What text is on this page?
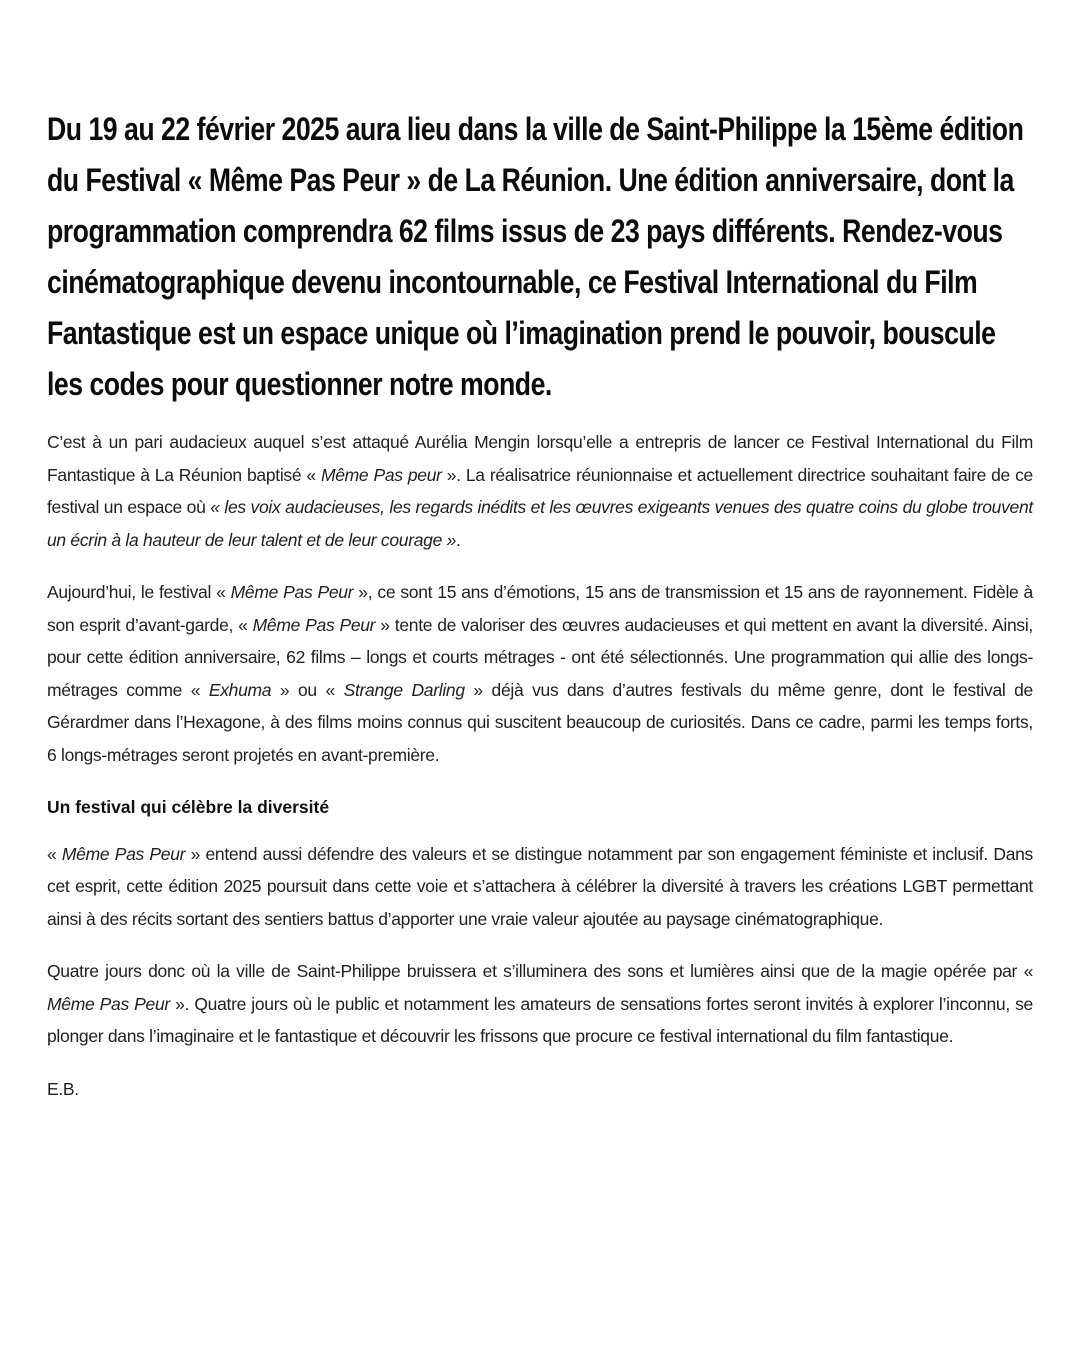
Du 19 au 22 février 2025 aura lieu dans la ville de Saint-Philippe la 15ème édition du Festival « Même Pas Peur » de La Réunion. Une édition anniversaire, dont la programmation comprendra 62 films issus de 23 pays différents. Rendez-vous cinématographique devenu incontournable, ce Festival International du Film Fantastique est un espace unique où l’imagination prend le pouvoir, bouscule les codes pour questionner notre monde.

C’est à un pari audacieux auquel s’est attaqué Aurélia Mengin lorsqu’elle a entrepris de lancer ce Festival International du Film Fantastique à La Réunion baptisé « Même Pas peur ». La réalisatrice réunionnaise et actuellement directrice souhaitant faire de ce festival un espace où « les voix audacieuses, les regards inédits et les œuvres exigeants venues des quatre coins du globe trouvent un écrin à la hauteur de leur talent et de leur courage ».

Aujourd’hui, le festival « Même Pas Peur », ce sont 15 ans d’émotions, 15 ans de transmission et 15 ans de rayonnement. Fidèle à son esprit d’avant-garde, « Même Pas Peur » tente de valoriser des œuvres audacieuses et qui mettent en avant la diversité. Ainsi, pour cette édition anniversaire, 62 films – longs et courts métrages - ont été sélectionnés. Une programmation qui allie des longs-métrages comme « Exhuma » ou « Strange Darling » déjà vus dans d’autres festivals du même genre, dont le festival de Gérardmer dans l’Hexagone, à des films moins connus qui suscitent beaucoup de curiosités. Dans ce cadre, parmi les temps forts, 6 longs-métrages seront projetés en avant-première.

Un festival qui célèbre la diversité

« Même Pas Peur » entend aussi défendre des valeurs et se distingue notamment par son engagement féministe et inclusif. Dans cet esprit, cette édition 2025 poursuit dans cette voie et s’attachera à célébrer la diversité à travers les créations LGBT permettant ainsi à des récits sortant des sentiers battus d’apporter une vraie valeur ajoutée au paysage cinématographique.

Quatre jours donc où la ville de Saint-Philippe bruissera et s’illuminera des sons et lumières ainsi que de la magie opérée par « Même Pas Peur ». Quatre jours où le public et notamment les amateurs de sensations fortes seront invités à explorer l’inconnu, se plonger dans l’imaginaire et le fantastique et découvrir les frissons que procure ce festival international du film fantastique.

E.B.
